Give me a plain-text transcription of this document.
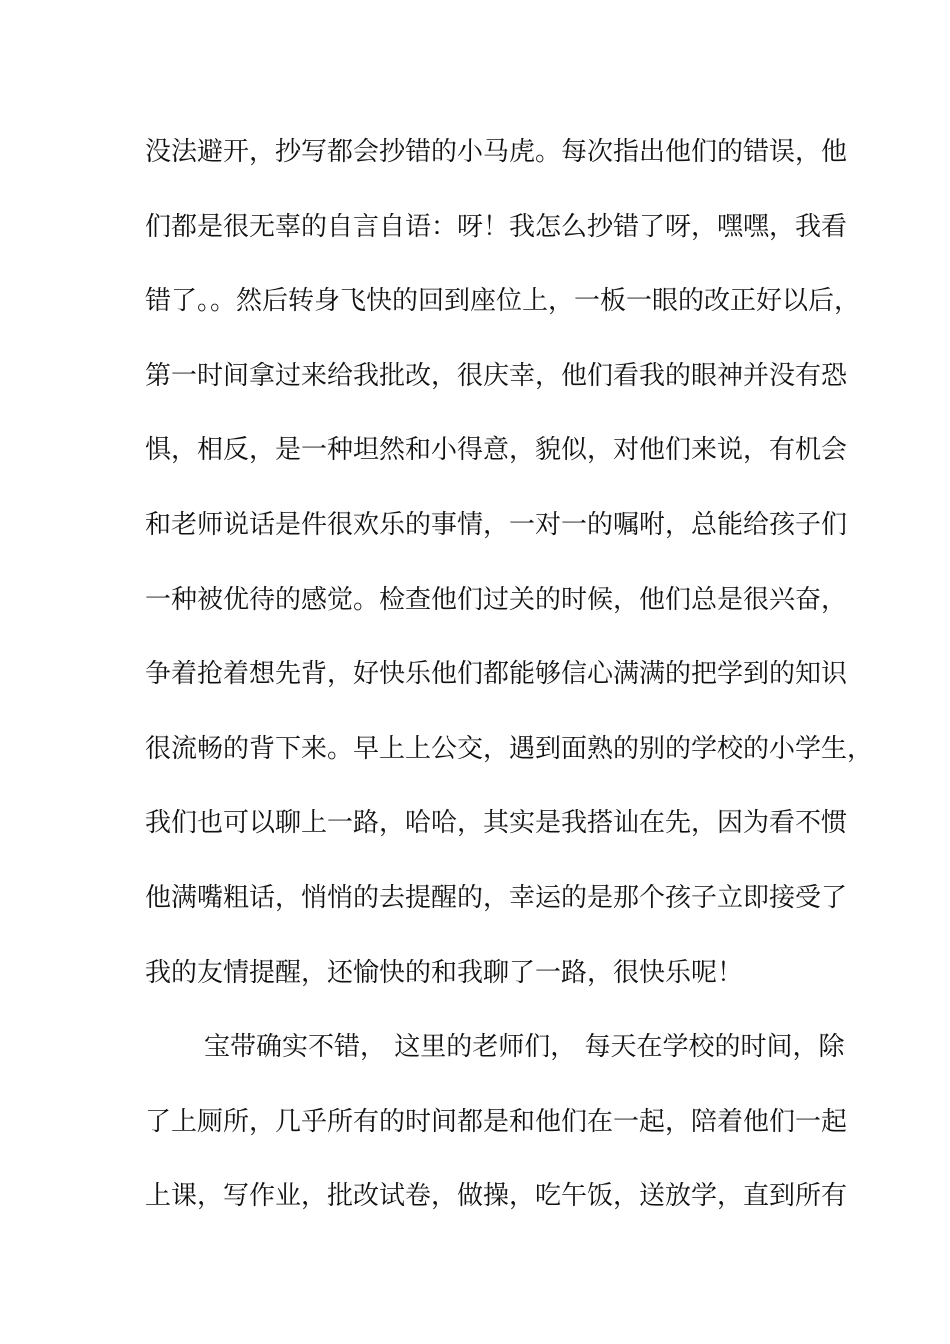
没法避开，抄写都会抄错的小马虎。每次指出他们的错误，他
们都是很无辜的自言自语：呀！我怎么抄错了呀，嘿嘿，我看
错了。。然后转身飞快的回到座位上，一板一眼的改正好以后，
第一时间拿过来给我批改，很庆幸，他们看我的眼神并没有恐
惧，相反，是一种坦然和小得意，貌似，对他们来说，有机会
和老师说话是件很欢乐的事情，一对一的嘱咐，总能给孩子们
一种被优待的感觉。检查他们过关的时候，他们总是很兴奋，
争着抢着想先背，好快乐他们都能够信心满满的把学到的知识
很流畅的背下来。早上上公交，遇到面熟的别的学校的小学生，
我们也可以聊上一路，哈哈，其实是我搭讪在先，因为看不惯
他满嘴粗话，悄悄的去提醒的，幸运的是那个孩子立即接受了
我的友情提醒，还愉快的和我聊了一路，很快乐呢！
宝带确实不错， 这里的老师们， 每天在学校的时间，除
了上厕所，几乎所有的时间都是和他们在一起，陪着他们一起
上课，写作业，批改试卷，做操，吃午饭，送放学，直到所有
